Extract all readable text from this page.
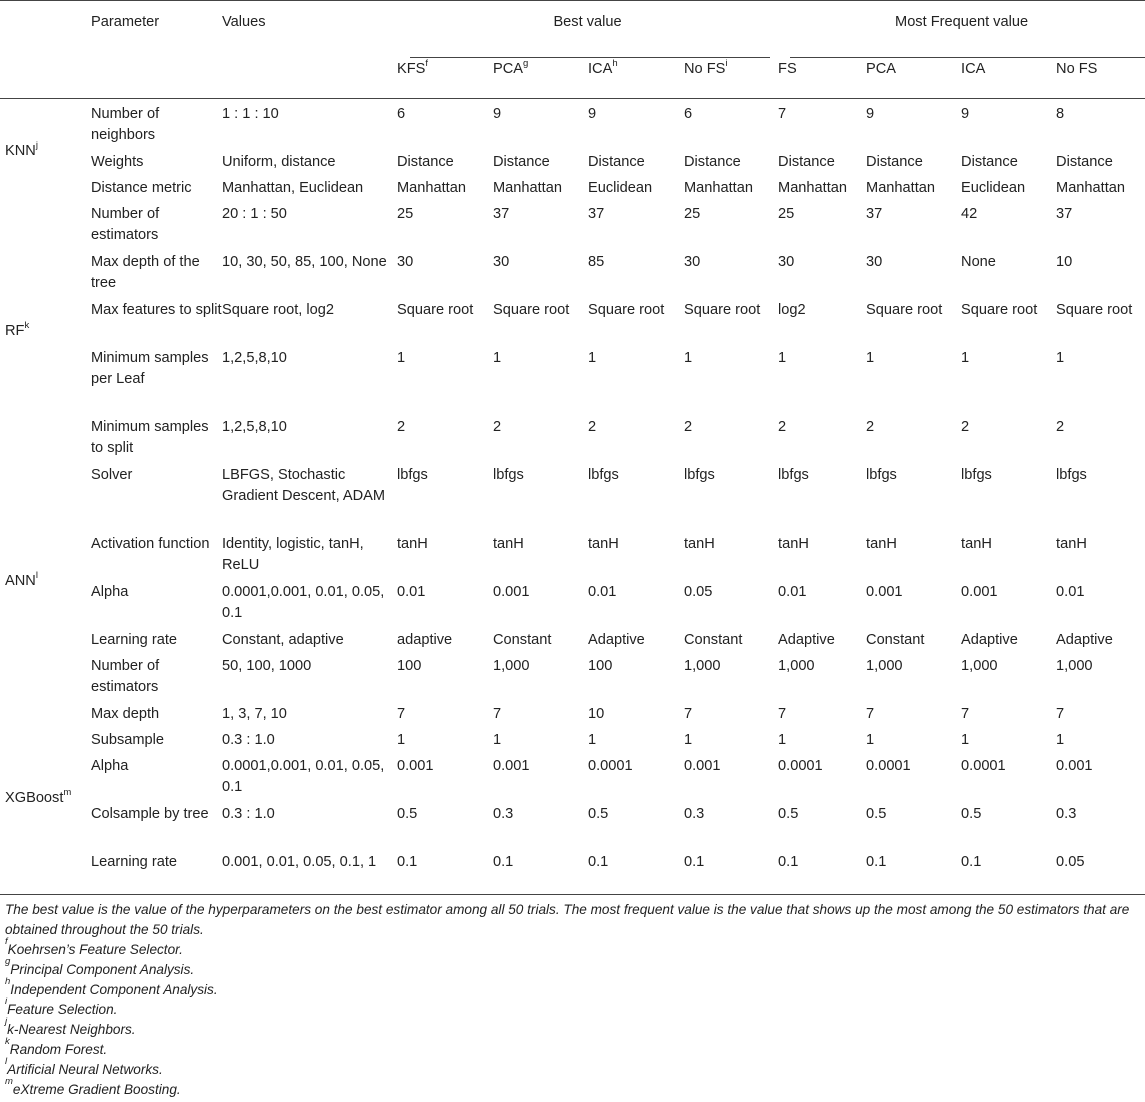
	Parameter	Values	Best value				Most Frequent value			

			KFS$^f$	PCA$^g$	ICA$^h$	No $FS^i$	FS	PCA	ICA	No FS
KNN$^j$	Number of neighbors	1 : 1 : 10	6	9	9	6	7	9	9	8
	Weights	Uniform, distance	Distance	Distance	Distance	Distance	Distance	Distance	Distance	Distance
	Distance metric	Manhattan, Euclidean	Manhattan	Manhattan	Euclidean	Manhattan	Manhattan	Manhattan	Euclidean	Manhattan
$RF^k$	Number of estimators	20 : 1 : 50	25	37	37	25	25	37	42	37
	Max depth of the tree	10, 30, 50, 85, 100, None	30	30	85	30	30	30	None	10
	Max features to split	Square root, log2	Square root	Square root	Square root	Square root	log2	Square root	Square root	Square root
	Minimum samples per Leaf	1,2,5,8,10	1	1	1	1	1	1	1	1
	Minimum samples to split	1,2,5,8,10	2	2	2	2	2	2	2	2
ANN$^l$	Solver	LBFGS, Stochastic Gradient Descent, ADAM	lbfgs	lbfgs	lbfgs	lbfgs	lbfgs	lbfgs	lbfgs	lbfgs
	Activation function	Identity, logistic, tanH, ReLU	tanH	tanH	tanH	tanH	tanH	tanH	tanH	tanH
	Alpha	0.0001,0.001, 0.01, 0.05, 0.1	0.01	0.001	0.01	0.05	0.01	0.001	0.001	0.01
	Learning rate	Constant, adaptive	adaptive	Constant	Adaptive	Constant	Adaptive	Constant	Adaptive	Adaptive
	Number of estimators	50, 100, 1000	100	1,000	100	1,000	1,000	1,000	1,000	1,000
XGBoost$^m$	Max depth	1, 3, 7, 10	7	7	10	7	7	7	7	7
	Subsample	0.3 : 1.0	1	1	1	1	1	1	1	1
	Alpha	0.0001,0.001, 0.01, 0.05, 0.1	0.001	0.001	0.0001	0.001	0.0001	0.0001	0.0001	0.001
	Colsample by tree	0.3 : 1.0	0.5	0.3	0.5	0.3	0.5	0.5	0.5	0.3
	Learning rate	0.001, 0.01, 0.05, 0.1, 1	0.1	0.1	0.1	0.1	0.1	0.1	0.1	0.05

The best value is the value of the hyperparameters on the best estimator among all 50 trials. The most frequent value is the value that shows up the most among the 50 estimators that are obtained throughout the 50 trials.

$^f$Koehrsen’s Feature Selector.

$^g$Principal Component Analysis.

$^h$Independent Component Analysis.

$^i$Feature Selection.

$^j$k-Nearest Neighbors.

$^k$Random Forest.

$^l$Artificial Neural Networks.

$^m$eXtreme Gradient Boosting.
